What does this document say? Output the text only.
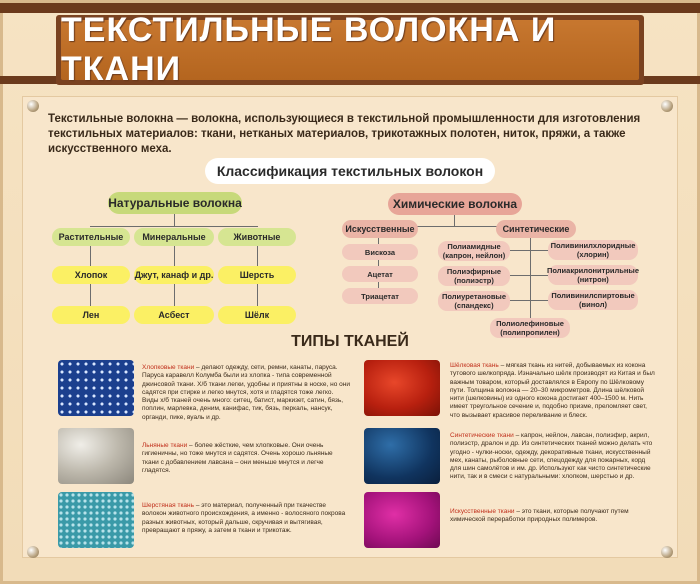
ТЕКСТИЛЬНЫЕ ВОЛОКНА И ТКАНИ
Текстильные волокна — волокна, использующиеся в текстильной промышленности для изготовления текстильных материалов: ткани, нетканых материалов, трикотажных полотен, ниток, пряжи, а также искусственного меха.
Классификация текстильных волокон
Натуральные волокна
Растительные	Минеральные	Животные
Хлопок
Лен
Джут, канаф и др.
Асбест
Шерсть
Шёлк
Химические волокна
Искусственные	Синтетические
Вискоза
Ацетат
Триацетат
Полиамидные (капрон, нейлон)
Полиэфирные (полиэстр)
Полиуретановые (спандекс)
Поливинилхлоридные (хлорин)
Полиакрилонитрильные (нитрон)
Поливинилспиртовые (винол)
Полиолефиновые (полипропилен)
ТИПЫ ТКАНЕЙ
Хлопковые ткани – делают одежду, сети, ремни, канаты, паруса. Паруса каравелл Колумба были из хлопка - типа современной джинсовой ткани. Х/б ткани легки, удобны и приятны в носке, но они садятся при стирке и легко мнутся, хотя и гладятся тоже легко. Виды х/б тканей очень много: ситец, батист, маркизет, сатин, бязь, поплин, марлевка, деним, канифас, тик, бязь, перкаль, нансук, органди, пике, вуаль и др.
Льняные ткани – более жёсткие, чем хлопковые. Они очень гигиеничны, но тоже мнутся и садятся. Очень хорошо льняные ткани с добавлением лавсана – они меньше мнутся и легче гладятся.
Шерстяная ткань – это материал, полученный при ткачестве волокон животного происхождения, а именно - волосяного покрова разных животных, который дальше, скручивая и вытягивая, превращают в пряжу, а затем в ткани и трикотаж.
Шёлковая ткань – мягкая ткань из нитей, добываемых из кокона тутового шелкопряда. Изначально шёлк производят из Китая и был важным товаром, который доставлялся в Европу по Шёлковому пути. Толщина волокна — 20–30 микрометров. Длина шёлковой нити (шелковины) из одного кокона достигает 400–1500 м. Нить имеет треугольное сечение и, подобно призме, преломляет свет, что вызывает красивое переливание и блеск.
Синтетические ткани – капрон, нейлон, лавсан, полиэфир, акрил, полиэстр, дралон и др. Из синтетических тканей можно делать что угодно - чулки-носки, одежду, декоративные ткани, искусственный мех, канаты, рыболовные сети, спецодежду для пожарных, корд для шин самолётов и им. др. Используют как чисто синтетические нити, так и в смеси с натуральными: хлопком, шерстью и др.
Искусственные ткани – это ткани, которые получают путем химической переработки природных полимеров.
